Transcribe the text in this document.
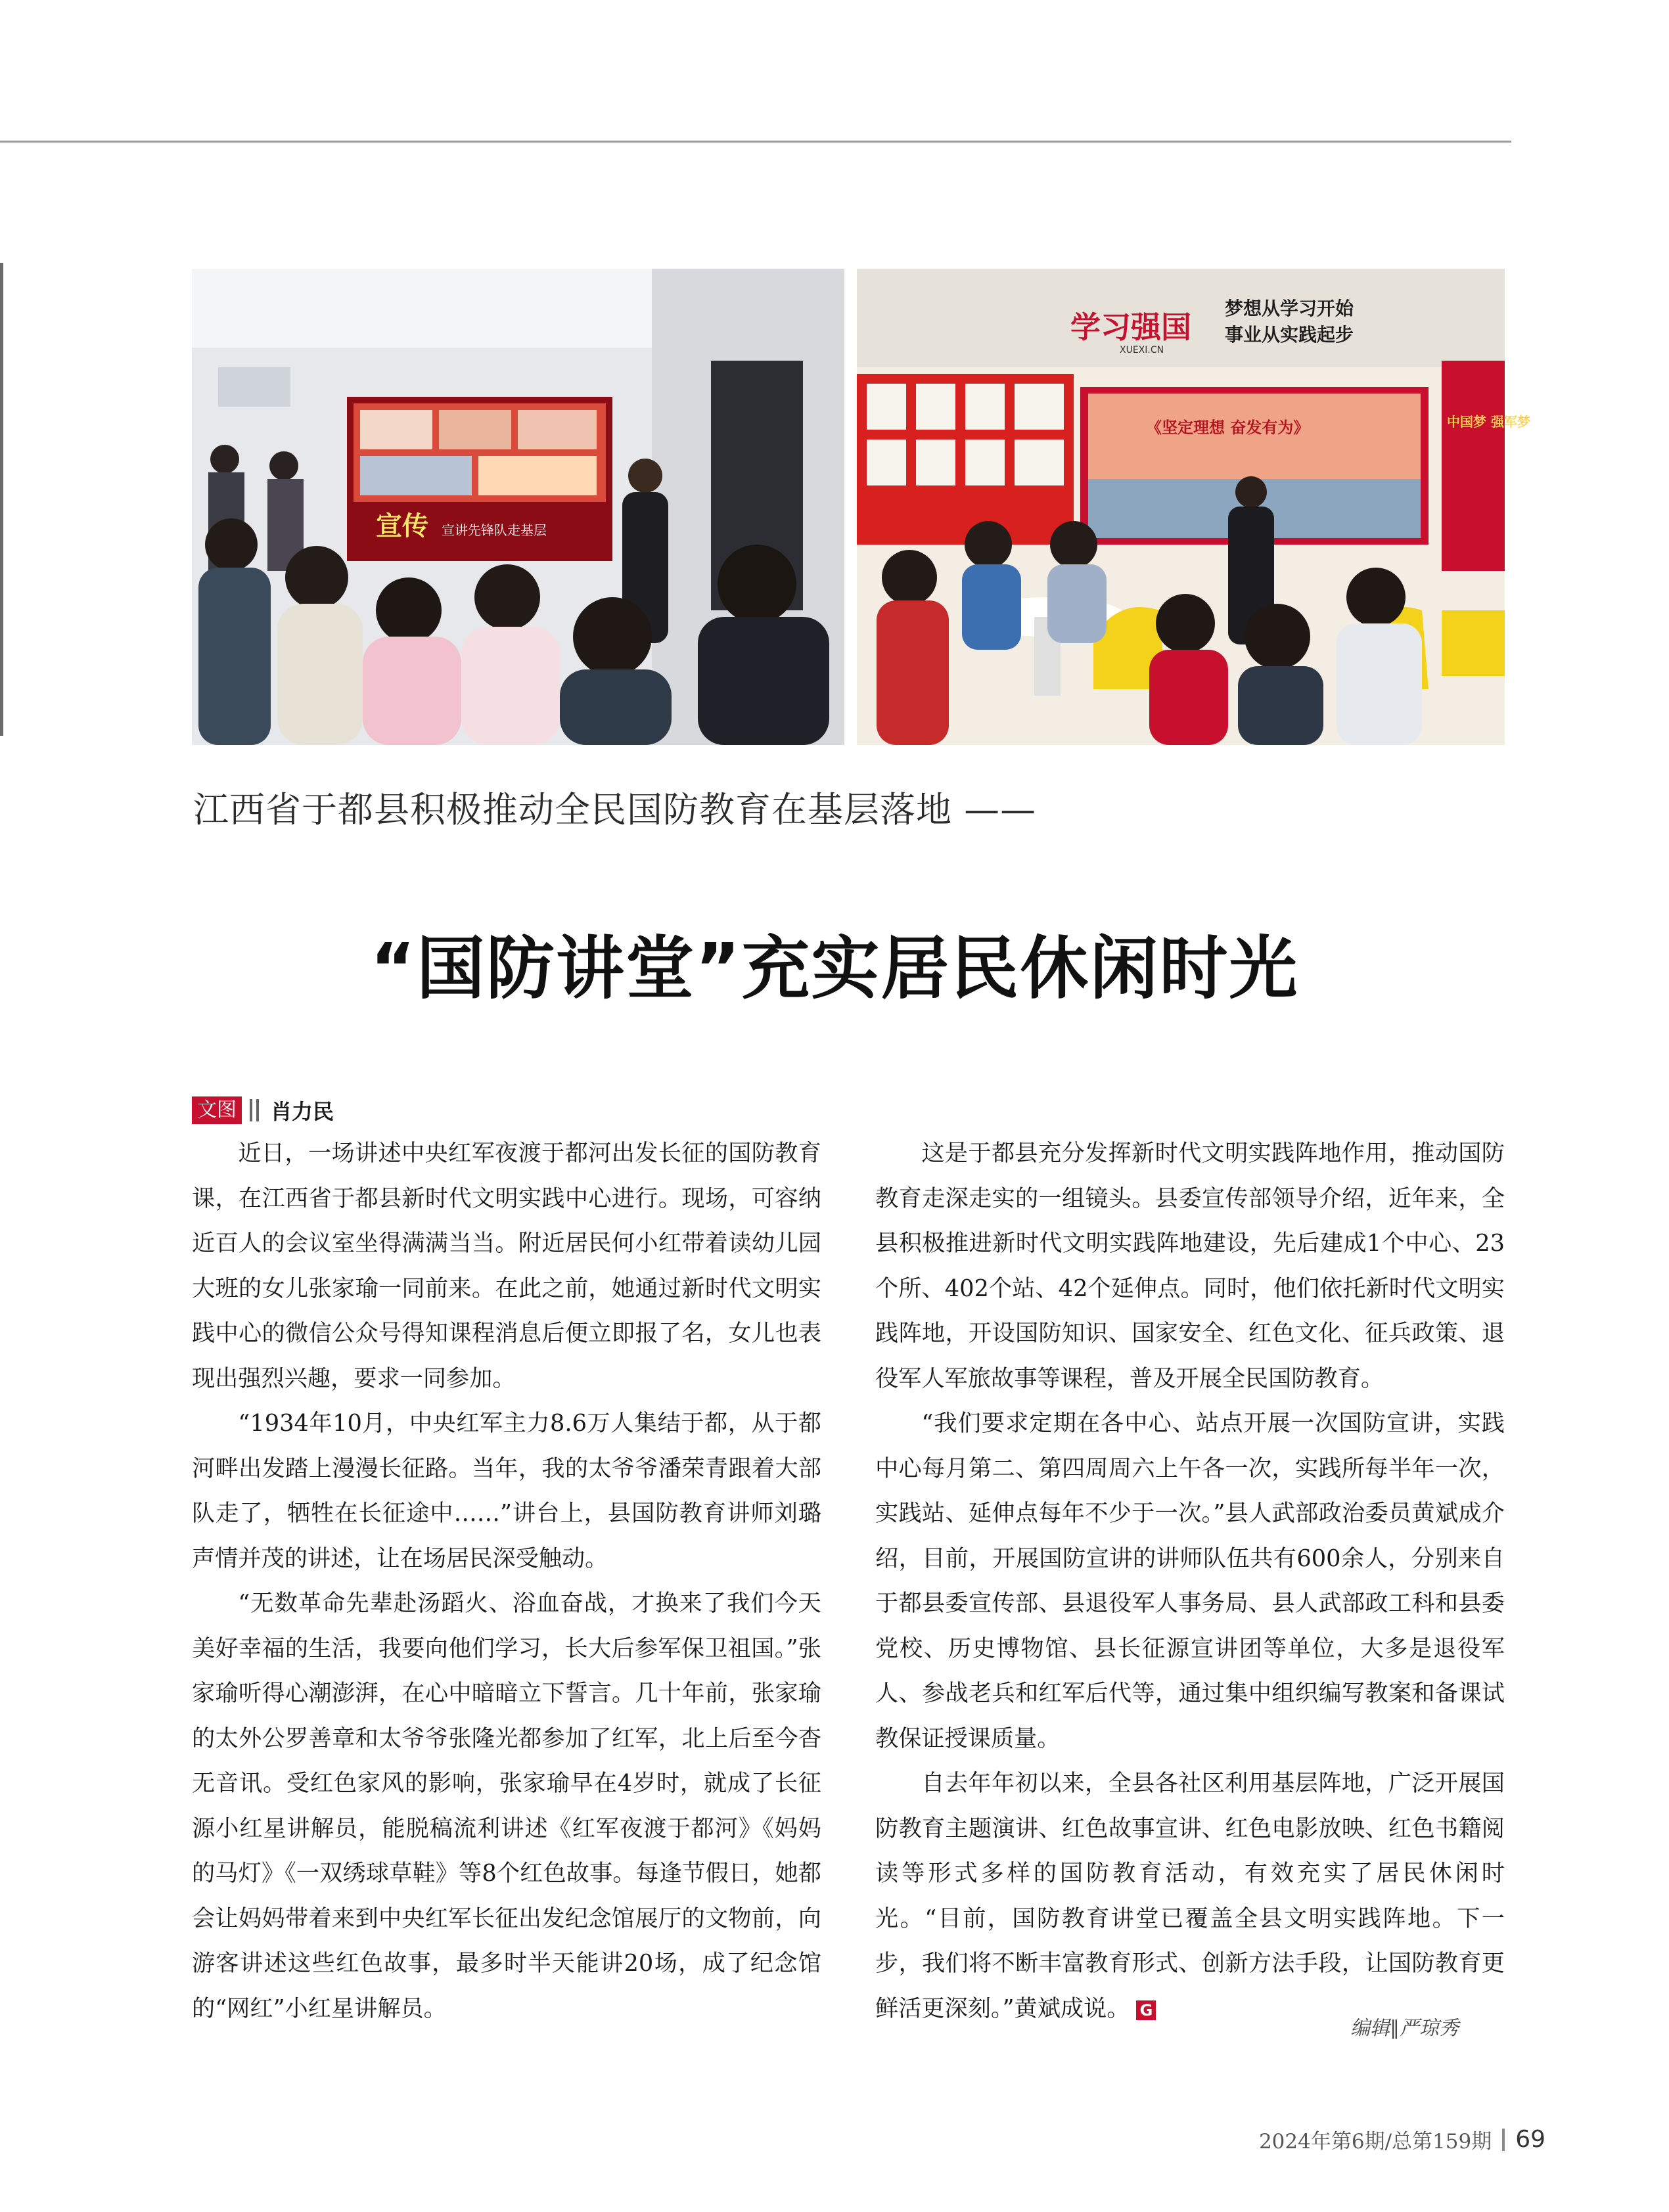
宣传 宣讲先锋队走基层
学习强国
XUEXI.CN
梦想从学习开始
事业从实践起步
《坚定理想 奋发有为》	中国梦 强军梦
江西省于都县积极推动全民国防教育在基层落地 ——
“国防讲堂”充实居民休闲时光
文图 肖力民

近日，一场讲述中央红军夜渡于都河出发长征的国防教育课，在江西省于都县新时代文明实践中心进行。现场，可容纳近百人的会议室坐得满满当当。附近居民何小红带着读幼儿园大班的女儿张家瑜一同前来。在此之前，她通过新时代文明实践中心的微信公众号得知课程消息后便立即报了名，女儿也表现出强烈兴趣，要求一同参加。

“1934年10月，中央红军主力8.6万人集结于都，从于都河畔出发踏上漫漫长征路。当年，我的太爷爷潘荣青跟着大部队走了，牺牲在长征途中……”讲台上，县国防教育讲师刘璐声情并茂的讲述，让在场居民深受触动。

“无数革命先辈赴汤蹈火、浴血奋战，才换来了我们今天美好幸福的生活，我要向他们学习，长大后参军保卫祖国。”张家瑜听得心潮澎湃，在心中暗暗立下誓言。几十年前，张家瑜的太外公罗善章和太爷爷张隆光都参加了红军，北上后至今杳无音讯。受红色家风的影响，张家瑜早在4岁时，就成了长征源小红星讲解员，能脱稿流利讲述《红军夜渡于都河》《妈妈的马灯》《一双绣球草鞋》等8个红色故事。每逢节假日，她都会让妈妈带着来到中央红军长征出发纪念馆展厅的文物前，向游客讲述这些红色故事，最多时半天能讲20场，成了纪念馆的“网红”小红星讲解员。

这是于都县充分发挥新时代文明实践阵地作用，推动国防教育走深走实的一组镜头。县委宣传部领导介绍，近年来，全县积极推进新时代文明实践阵地建设，先后建成1个中心、23个所、402个站、42个延伸点。同时，他们依托新时代文明实践阵地，开设国防知识、国家安全、红色文化、征兵政策、退役军人军旅故事等课程，普及开展全民国防教育。

“我们要求定期在各中心、站点开展一次国防宣讲，实践中心每月第二、第四周周六上午各一次，实践所每半年一次，实践站、延伸点每年不少于一次。”县人武部政治委员黄斌成介绍，目前，开展国防宣讲的讲师队伍共有600余人，分别来自于都县委宣传部、县退役军人事务局、县人武部政工科和县委党校、历史博物馆、县长征源宣讲团等单位，大多是退役军人、参战老兵和红军后代等，通过集中组织编写教案和备课试教保证授课质量。

自去年年初以来，全县各社区利用基层阵地，广泛开展国防教育主题演讲、红色故事宣讲、红色电影放映、红色书籍阅读等形式多样的国防教育活动，有效充实了居民休闲时光。“目前，国防教育讲堂已覆盖全县文明实践阵地。下一步，我们将不断丰富教育形式、创新方法手段，让国防教育更鲜活更深刻。”黄斌成说。 G

编辑∥严琼秀
2024年第6期/总第159期 69
